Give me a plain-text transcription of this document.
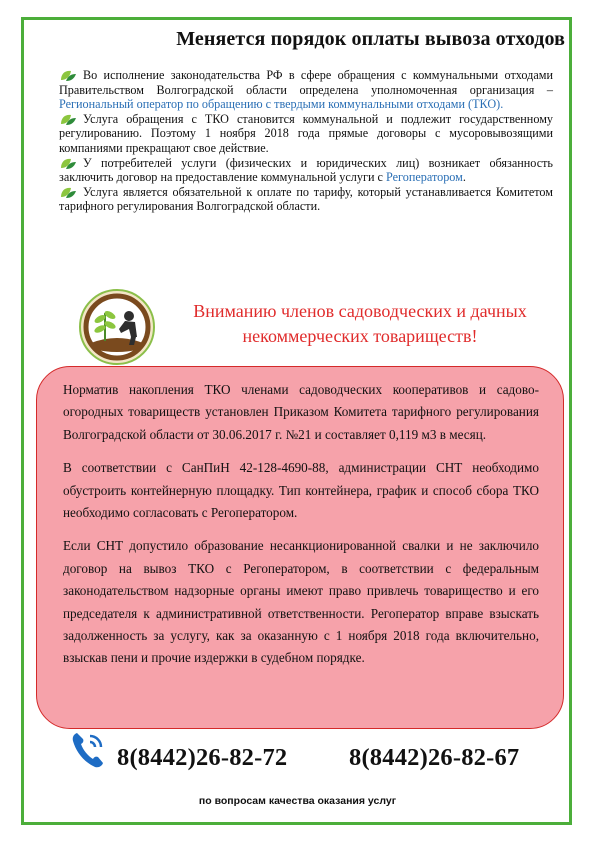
Меняется порядок оплаты вывоза отходов

Во исполнение законодательства РФ в сфере обращения с коммунальными отходами Правительством Волгоградской области определена уполномоченная организация – Региональный оператор по обращению с твердыми коммунальными отходами (ТКО).

Услуга обращения с ТКО становится коммунальной и подлежит государственному регулированию. Поэтому 1 ноября 2018 года прямые договоры с мусоровывозящими компаниями прекращают свое действие.

У потребителей услуги (физических и юридических лиц) возникает обязанность заключить договор на предоставление коммунальной услуги с Регоператором.

Услуга является обязательной к оплате по тарифу, который устанавливается Комитетом тарифного регулирования Волгоградской области.

Вниманию членов садоводческих и дачных
некоммерческих товариществ!

Норматив накопления ТКО членами садоводческих кооперативов и садово-огородных товариществ установлен Приказом Комитета тарифного регулирования Волгоградской области от 30.06.2017 г. №21 и составляет 0,119 м3 в месяц.

В соответствии с СанПиН 42-128-4690-88, администрации СНТ необходимо обустроить контейнерную площадку. Тип контейнера, график и способ сбора ТКО необходимо согласовать с Регоператором.

Если СНТ допустило образование несанкционированной свалки и не заключило договор на вывоз ТКО с Регоператором, в соответствии с федеральным законодательством надзорные органы имеют право привлечь товарищество и его председателя к административной ответственности. Регоператор вправе взыскать задолженность за услугу, как за оказанную с 1 ноября 2018 года включительно, взыскав пени и прочие издержки в судебном порядке.

8(8442)26-82-72	8(8442)26-82-67
по вопросам качества оказания услуг
